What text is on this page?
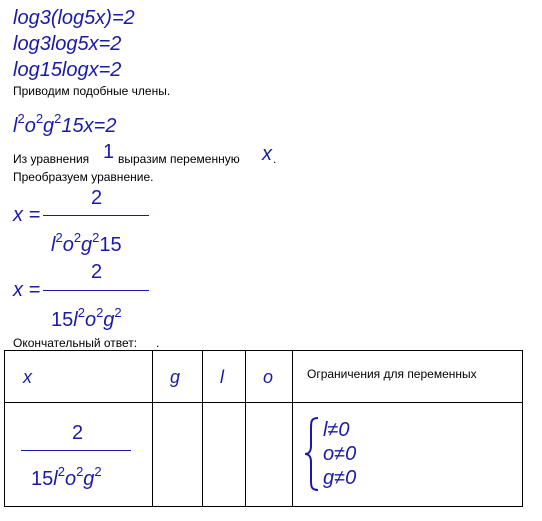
log3(log5x)=2
log3log5x=2
log15logx=2
Приводим подобные члены.
$l^2o^2g^215x=2$
Из уравнения 1 выразим переменную x .
Преобразуем уравнение.
x =
2
$l^2o^2g^215$
x =
2
$15l^2o^2g^2$
Окончательный ответ: .
x	g	l	o	Ограничения для переменных

2
$15l^2o^2g^2$				l≠0
o≠0
g≠0
